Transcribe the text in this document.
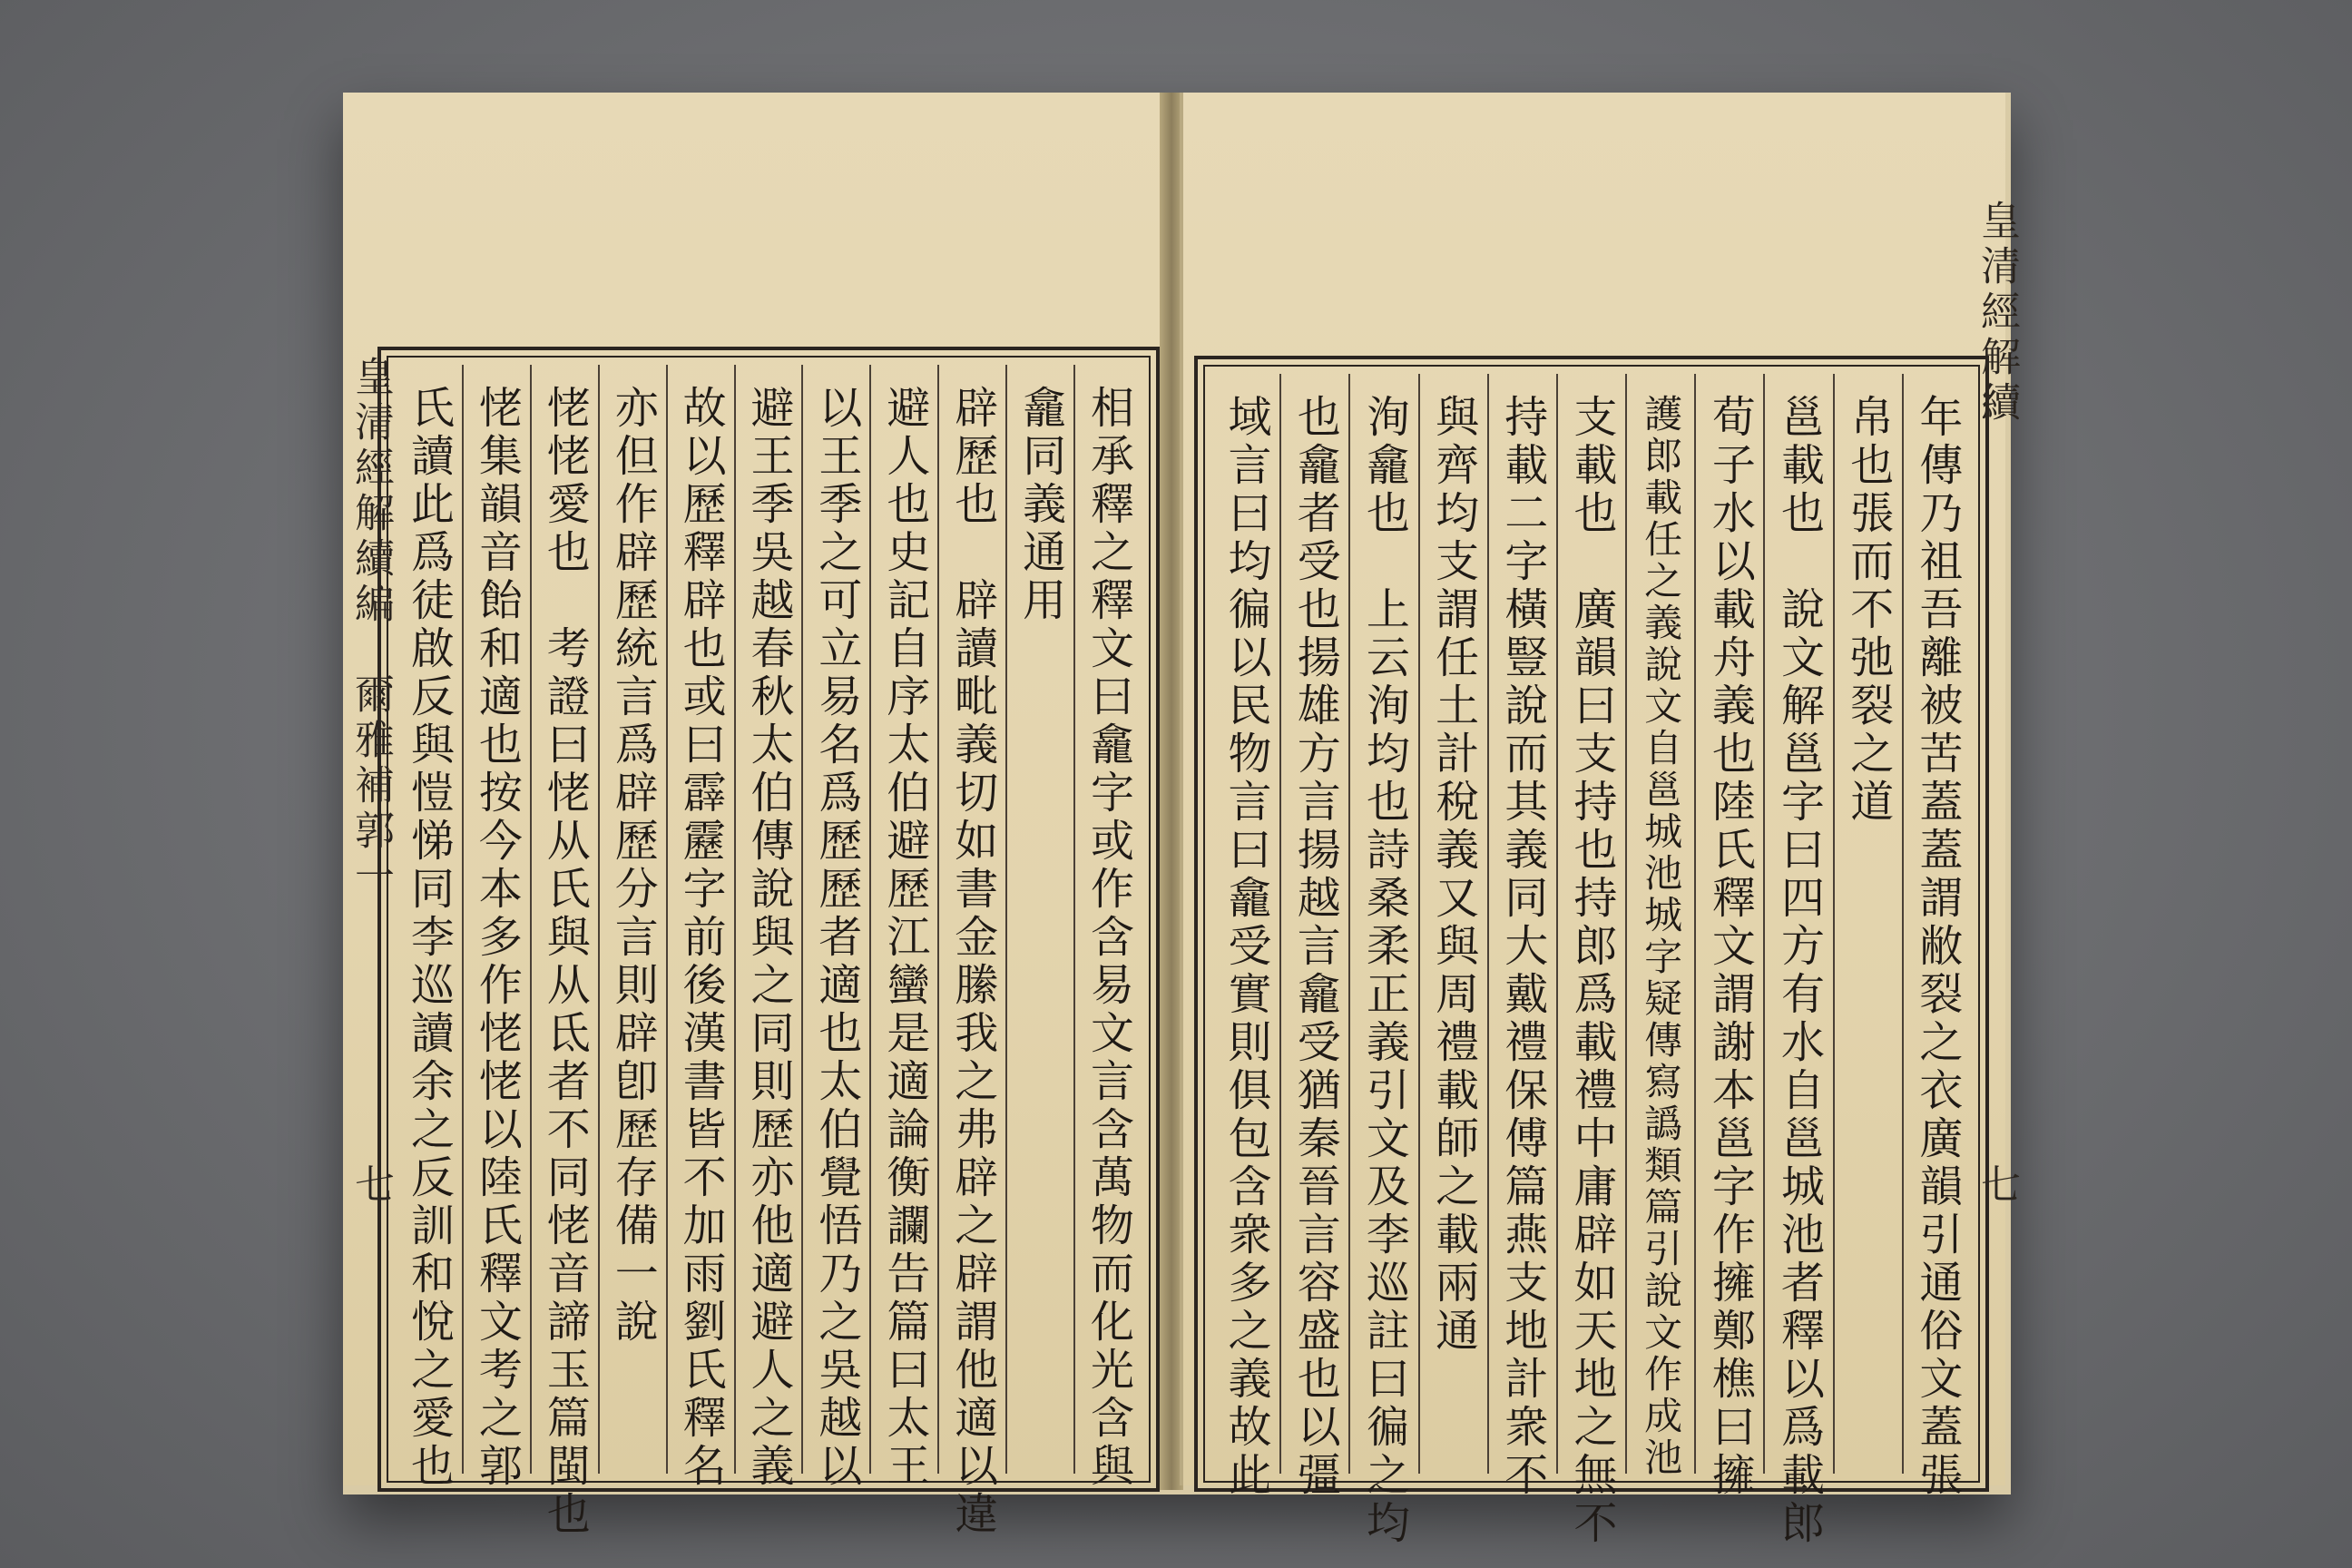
皇清經解續編　爾雅補郭一
七	相承釋之釋文曰龕字或作含易文言含萬物而化光含與
龕同義通用
辟歷也　辟讀毗義切如書金縢我之弗辟之辟謂他適以違
避人也史記自序太伯避歷江蠻是適論衡讕告篇曰太王
以王季之可立易名爲歷歷者適也太伯覺悟乃之吳越以
避王季吳越春秋太伯傳說與之同則歷亦他適避人之義
故以歷釋辟也或曰霹靂字前後漢書皆不加雨劉氏釋名
亦但作辟歷統言爲辟歷分言則辟卽歷存備一說
恅恅愛也　考證曰恅从氏與从氐者不同恅音諦玉篇閩也
恅集韻音飴和適也按今本多作恅恅以陸氏釋文考之郭
氏讀此爲徒啟反與愷悌同李巡讀余之反訓和悅之愛也
皇清經解續
七
年傳乃祖吾離被苦蓋蓋謂敝裂之衣廣韻引通俗文蓋張
帛也張而不弛裂之道
邕載也　說文解邕字曰四方有水自邕城池者釋以爲載郎
荀子水以載舟義也陸氏釋文謂謝本邕字作擁鄭樵曰擁
護郎載任之義說文自邕城池城字疑傳寫譌類篇引說文作成池
支載也　廣韻曰支持也持郎爲載禮中庸辟如天地之無不
持載二字橫豎說而其義同大戴禮保傅篇燕支地計衆不
與齊均支謂任土計稅義又與周禮載師之載兩通
洵龕也　上云洵均也詩桑柔正義引文及李巡註曰徧之均
也龕者受也揚雄方言揚越言龕受猶秦晉言容盛也以彊
域言曰均徧以民物言曰龕受實則俱包含衆多之義故此
